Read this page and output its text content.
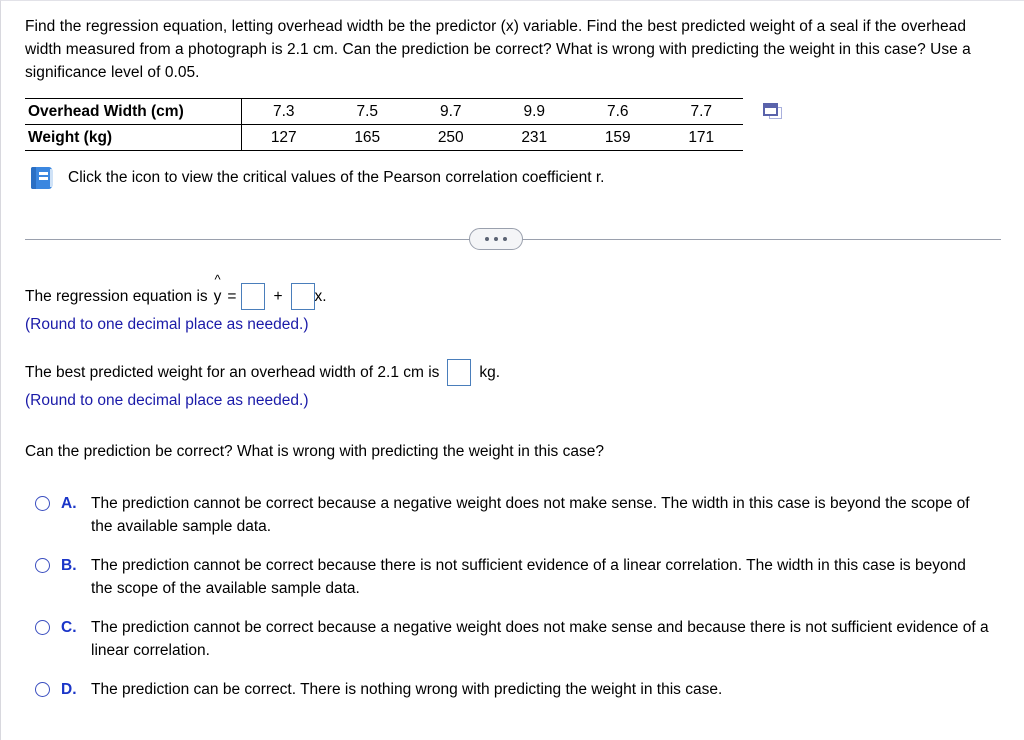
Find the regression equation, letting overhead width be the predictor (x) variable. Find the best predicted weight of a seal if the overhead width measured from a photograph is 2.1 cm. Can the prediction be correct? What is wrong with predicting the weight in this case? Use a significance level of 0.05.
Overhead Width (cm)	7.3	7.5	9.7	9.9	7.6	7.7
Weight (kg)	127	165	250	231	159	171
Click the icon to view the critical values of the Pearson correlation coefficient r.
The regression equation is
^
y = + x.
(Round to one decimal place as needed.)
The best predicted weight for an overhead width of 2.1 cm is	kg.
(Round to one decimal place as needed.)
Can the prediction be correct? What is wrong with predicting the weight in this case?
A. The prediction cannot be correct because a negative weight does not make sense. The width in this case is beyond the scope of the available sample data.
B. The prediction cannot be correct because there is not sufficient evidence of a linear correlation. The width in this case is beyond the scope of the available sample data.
C. The prediction cannot be correct because a negative weight does not make sense and because there is not sufficient evidence of a linear correlation.
D. The prediction can be correct. There is nothing wrong with predicting the weight in this case.
